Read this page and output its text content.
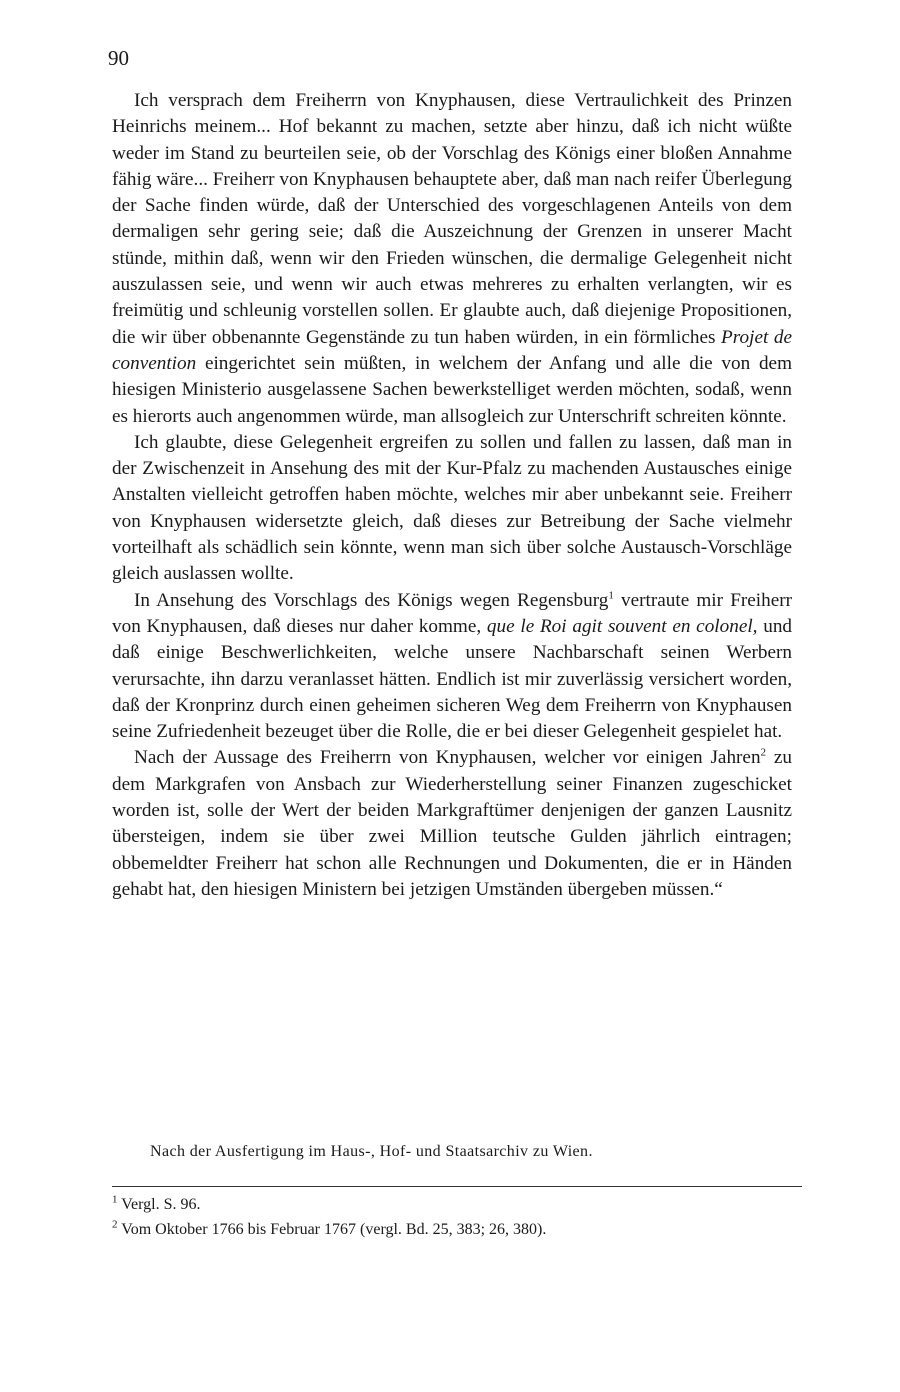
90

Ich versprach dem Freiherrn von Knyphausen, diese Vertraulichkeit des Prinzen Heinrichs meinem... Hof bekannt zu machen, setzte aber hinzu, daß ich nicht wüßte weder im Stand zu beurteilen seie, ob der Vorschlag des Königs einer bloßen Annahme fähig wäre... Freiherr von Knyphausen behauptete aber, daß man nach reifer Überlegung der Sache finden würde, daß der Unterschied des vorgeschlagenen Anteils von dem dermaligen sehr gering seie; daß die Auszeichnung der Grenzen in unserer Macht stünde, mithin daß, wenn wir den Frieden wünschen, die dermalige Gelegenheit nicht auszulassen seie, und wenn wir auch etwas mehreres zu erhalten verlangten, wir es freimütig und schleunig vorstellen sollen. Er glaubte auch, daß diejenige Propositionen, die wir über obbenannte Gegenstände zu tun haben würden, in ein förmliches Projet de convention eingerichtet sein müßten, in welchem der Anfang und alle die von dem hiesigen Ministerio ausgelassene Sachen bewerkstelliget werden möchten, sodaß, wenn es hierorts auch angenommen würde, man allsogleich zur Unterschrift schreiten könnte.

Ich glaubte, diese Gelegenheit ergreifen zu sollen und fallen zu lassen, daß man in der Zwischenzeit in Ansehung des mit der Kur-Pfalz zu machenden Austausches einige Anstalten vielleicht getroffen haben möchte, welches mir aber unbekannt seie. Freiherr von Knyphausen widersetzte gleich, daß dieses zur Betreibung der Sache vielmehr vorteilhaft als schädlich sein könnte, wenn man sich über solche Austausch-Vorschläge gleich auslassen wollte.

In Ansehung des Vorschlags des Königs wegen Regensburg$^1$ vertraute mir Freiherr von Knyphausen, daß dieses nur daher komme, que le Roi agit souvent en colonel, und daß einige Beschwerlichkeiten, welche unsere Nachbarschaft seinen Werbern verursachte, ihn darzu veranlasset hätten. Endlich ist mir zuverlässig versichert worden, daß der Kronprinz durch einen geheimen sicheren Weg dem Freiherrn von Knyphausen seine Zufriedenheit bezeuget über die Rolle, die er bei dieser Gelegenheit gespielet hat.

Nach der Aussage des Freiherrn von Knyphausen, welcher vor einigen Jahren$^2$ zu dem Markgrafen von Ansbach zur Wiederherstellung seiner Finanzen zugeschicket worden ist, solle der Wert der beiden Markgraftümer denjenigen der ganzen Lausnitz übersteigen, indem sie über zwei Million teutsche Gulden jährlich eintragen; obbemeldter Freiherr hat schon alle Rechnungen und Dokumenten, die er in Händen gehabt hat, den hiesigen Ministern bei jetzigen Umständen übergeben müssen.“

Nach der Ausfertigung im Haus-, Hof- und Staatsarchiv zu Wien.

$^1$ Vergl. S. 96.

$^2$ Vom Oktober 1766 bis Februar 1767 (vergl. Bd. 25, 383; 26, 380).
